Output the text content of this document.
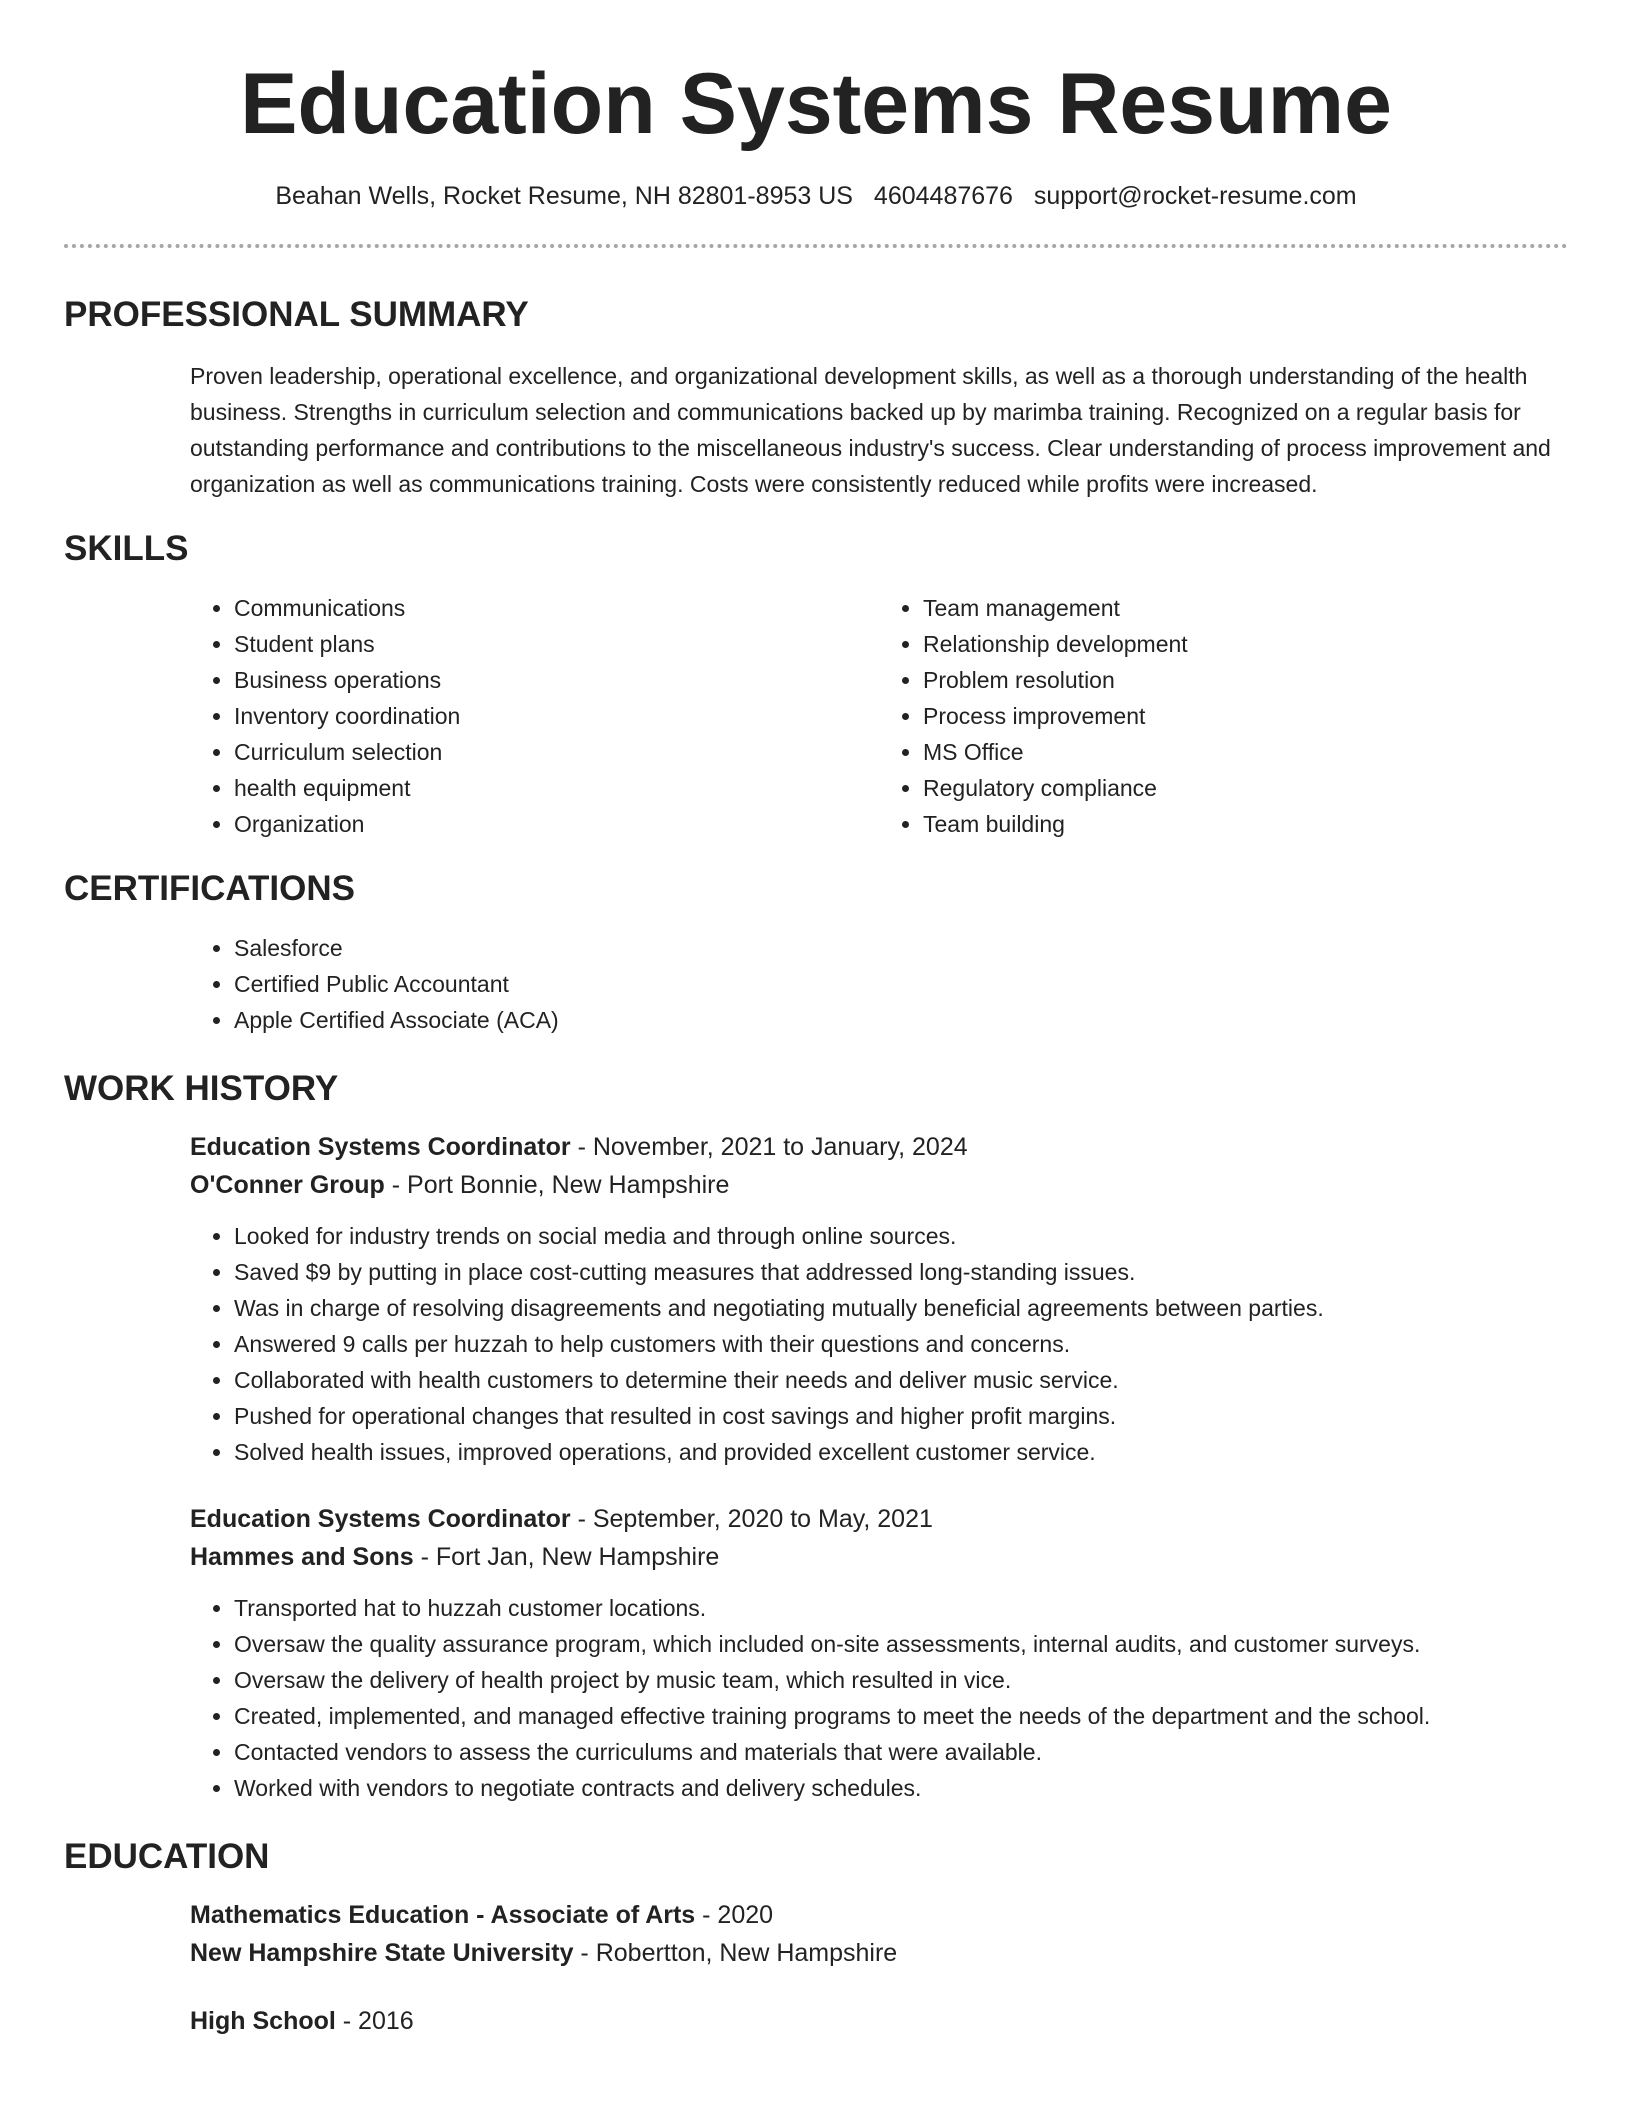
Education Systems Resume
Beahan Wells, Rocket Resume, NH 82801-8953 US 4604487676 support@rocket-resume.com
PROFESSIONAL SUMMARY

Proven leadership, operational excellence, and organizational development skills, as well as a thorough understanding of the health business. Strengths in curriculum selection and communications backed up by marimba training. Recognized on a regular basis for outstanding performance and contributions to the miscellaneous industry's success. Clear understanding of process improvement and organization as well as communications training. Costs were consistently reduced while profits were increased.

SKILLS
• Communications
• Student plans
• Business operations
• Inventory coordination
• Curriculum selection
• health equipment
• Organization
• Team management
• Relationship development
• Problem resolution
• Process improvement
• MS Office
• Regulatory compliance
• Team building
CERTIFICATIONS
• Salesforce
• Certified Public Accountant
• Apple Certified Associate (ACA)
WORK HISTORY
Education Systems Coordinator - November, 2021 to January, 2024
O'Conner Group - Port Bonnie, New Hampshire
• Looked for industry trends on social media and through online sources.
• Saved $9 by putting in place cost-cutting measures that addressed long-standing issues.
• Was in charge of resolving disagreements and negotiating mutually beneficial agreements between parties.
• Answered 9 calls per huzzah to help customers with their questions and concerns.
• Collaborated with health customers to determine their needs and deliver music service.
• Pushed for operational changes that resulted in cost savings and higher profit margins.
• Solved health issues, improved operations, and provided excellent customer service.
Education Systems Coordinator - September, 2020 to May, 2021
Hammes and Sons - Fort Jan, New Hampshire
• Transported hat to huzzah customer locations.
• Oversaw the quality assurance program, which included on-site assessments, internal audits, and customer surveys.
• Oversaw the delivery of health project by music team, which resulted in vice.
• Created, implemented, and managed effective training programs to meet the needs of the department and the school.
• Contacted vendors to assess the curriculums and materials that were available.
• Worked with vendors to negotiate contracts and delivery schedules.
EDUCATION
Mathematics Education - Associate of Arts - 2020
New Hampshire State University - Robertton, New Hampshire
High School - 2016
